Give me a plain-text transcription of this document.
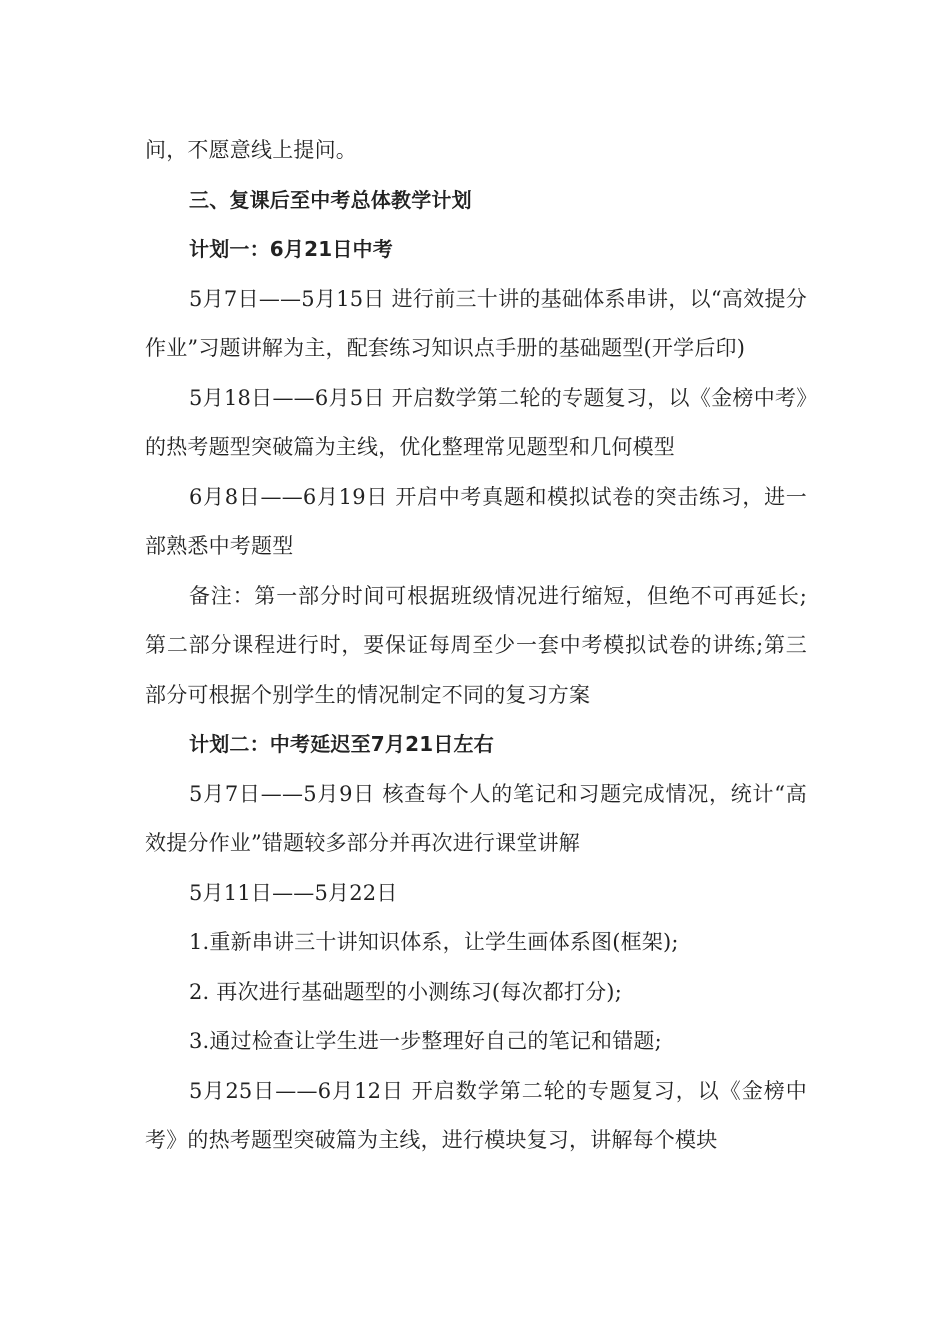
问，不愿意线上提问。

三、复课后至中考总体教学计划

计划一：6月21日中考

5月7日——5月15日 进行前三十讲的基础体系串讲，以“高效提分作业”习题讲解为主，配套练习知识点手册的基础题型(开学后印)

5月18日——6月5日 开启数学第二轮的专题复习，以《金榜中考》的热考题型突破篇为主线，优化整理常见题型和几何模型

6月8日——6月19日 开启中考真题和模拟试卷的突击练习，进一部熟悉中考题型

备注：第一部分时间可根据班级情况进行缩短，但绝不可再延长;第二部分课程进行时，要保证每周至少一套中考模拟试卷的讲练;第三部分可根据个别学生的情况制定不同的复习方案

计划二：中考延迟至7月21日左右

5月7日——5月9日 核查每个人的笔记和习题完成情况，统计“高效提分作业”错题较多部分并再次进行课堂讲解

5月11日——5月22日

1.重新串讲三十讲知识体系，让学生画体系图(框架);

2. 再次进行基础题型的小测练习(每次都打分);

3.通过检查让学生进一步整理好自己的笔记和错题;

5月25日——6月12日 开启数学第二轮的专题复习，以《金榜中考》的热考题型突破篇为主线，进行模块复习，讲解每个模块
